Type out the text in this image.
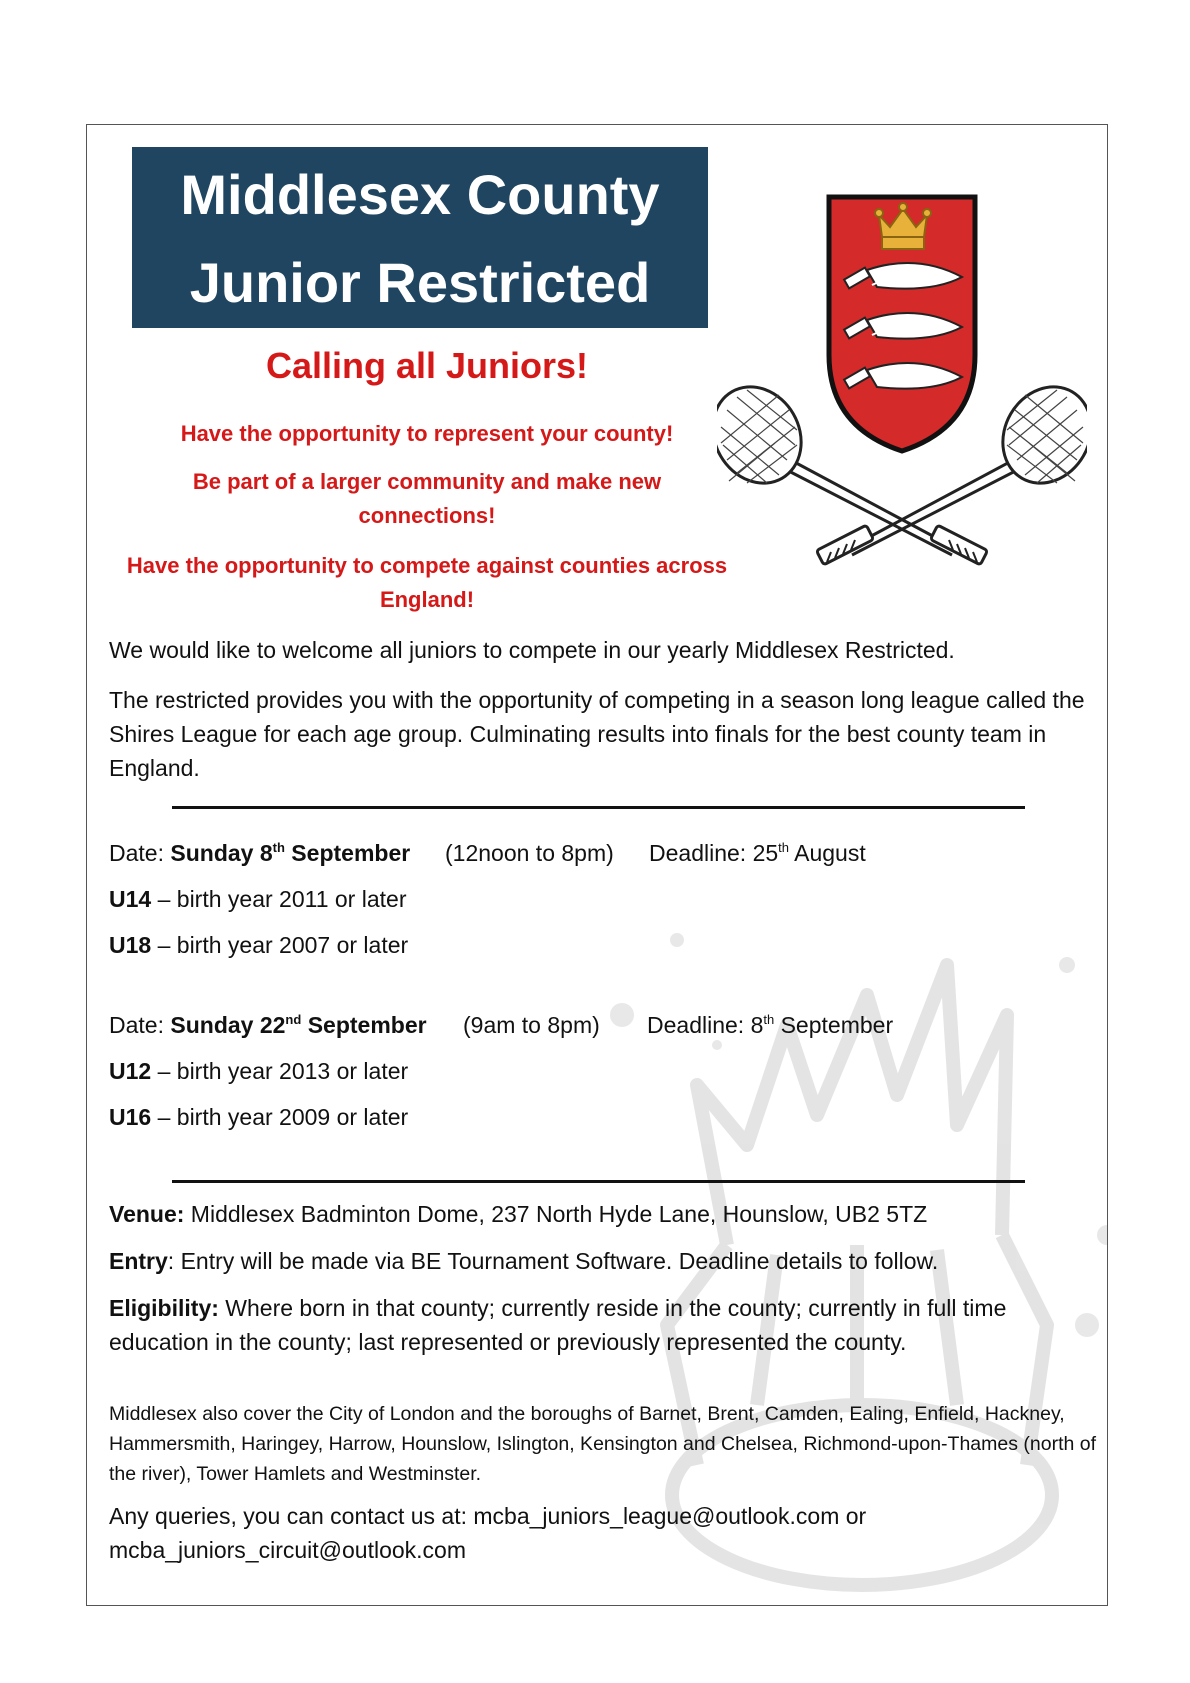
Middlesex County
Junior Restricted
Calling all Juniors!
Have the opportunity to represent your county!
Be part of a larger community and make new connections!
Have the opportunity to compete against counties across England!
We would like to welcome all juniors to compete in our yearly Middlesex Restricted.
The restricted provides you with the opportunity of competing in a season long league called the Shires League for each age group. Culminating results into finals for the best county team in England.
Date: Sunday 8th September (12noon to 8pm) Deadline: 25th August
U14 – birth year 2011 or later
U18 – birth year 2007 or later
Date: Sunday 22nd September (9am to 8pm) Deadline: 8th September
U12 – birth year 2013 or later
U16 – birth year 2009 or later
Venue: Middlesex Badminton Dome, 237 North Hyde Lane, Hounslow, UB2 5TZ
Entry: Entry will be made via BE Tournament Software. Deadline details to follow.
Eligibility: Where born in that county; currently reside in the county; currently in full time education in the county; last represented or previously represented the county.
Middlesex also cover the City of London and the boroughs of Barnet, Brent, Camden, Ealing, Enfield, Hackney, Hammersmith, Haringey, Harrow, Hounslow, Islington, Kensington and Chelsea, Richmond-upon-Thames (north of the river), Tower Hamlets and Westminster.
Any queries, you can contact us at: mcba_juniors_league@outlook.com or mcba_juniors_circuit@outlook.com
